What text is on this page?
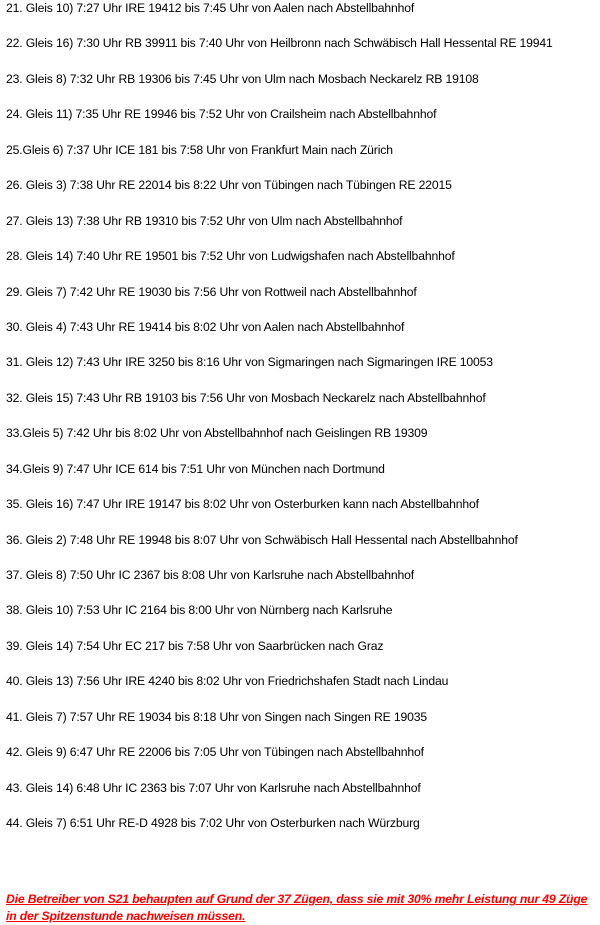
21. Gleis 10) 7:27 Uhr IRE 19412 bis 7:45 Uhr von Aalen nach Abstellbahnhof
22. Gleis 16) 7:30 Uhr RB 39911 bis 7:40 Uhr von Heilbronn nach Schwäbisch Hall Hessental RE 19941
23. Gleis 8) 7:32 Uhr RB 19306 bis 7:45 Uhr von Ulm nach Mosbach Neckarelz RB 19108
24. Gleis 11) 7:35 Uhr RE 19946 bis 7:52 Uhr von Crailsheim nach Abstellbahnhof
25.Gleis 6) 7:37 Uhr ICE 181 bis 7:58 Uhr von Frankfurt Main nach Zürich
26. Gleis 3) 7:38 Uhr RE 22014 bis 8:22 Uhr von Tübingen nach Tübingen RE 22015
27. Gleis 13) 7:38 Uhr RB 19310 bis 7:52 Uhr von Ulm nach Abstellbahnhof
28. Gleis 14) 7:40 Uhr RE 19501 bis 7:52 Uhr von Ludwigshafen nach Abstellbahnhof
29. Gleis 7) 7:42 Uhr RE 19030 bis 7:56 Uhr von Rottweil nach Abstellbahnhof
30. Gleis 4) 7:43 Uhr RE 19414 bis 8:02 Uhr von Aalen nach Abstellbahnhof
31. Gleis 12) 7:43 Uhr IRE 3250 bis 8:16 Uhr von Sigmaringen nach Sigmaringen IRE 10053
32. Gleis 15) 7:43 Uhr RB 19103 bis 7:56 Uhr von Mosbach Neckarelz nach Abstellbahnhof
33.Gleis 5) 7:42 Uhr bis 8:02 Uhr von Abstellbahnhof nach Geislingen RB 19309
34.Gleis 9) 7:47 Uhr ICE 614 bis 7:51 Uhr von München nach Dortmund
35. Gleis 16) 7:47 Uhr IRE 19147 bis 8:02 Uhr von Osterburken kann nach Abstellbahnhof
36. Gleis 2) 7:48 Uhr RE 19948 bis 8:07 Uhr von Schwäbisch Hall Hessental nach Abstellbahnhof
37. Gleis 8) 7:50 Uhr IC 2367 bis 8:08 Uhr von Karlsruhe nach Abstellbahnhof
38. Gleis 10) 7:53 Uhr IC 2164 bis 8:00 Uhr von Nürnberg nach Karlsruhe
39. Gleis 14) 7:54 Uhr EC 217 bis 7:58 Uhr von Saarbrücken nach Graz
40. Gleis 13) 7:56 Uhr IRE 4240 bis 8:02 Uhr von Friedrichshafen Stadt nach Lindau
41. Gleis 7) 7:57 Uhr RE 19034 bis 8:18 Uhr von Singen nach Singen RE 19035
42. Gleis 9) 6:47 Uhr RE 22006 bis 7:05 Uhr von Tübingen nach Abstellbahnhof
43. Gleis 14) 6:48 Uhr IC 2363 bis 7:07 Uhr von Karlsruhe nach Abstellbahnhof
44. Gleis 7) 6:51 Uhr RE-D 4928 bis 7:02 Uhr von Osterburken nach Würzburg

Die Betreiber von S21 behaupten auf Grund der 37 Zügen, dass sie mit 30% mehr Leistung nur 49 Züge in der Spitzenstunde nachweisen müssen.
